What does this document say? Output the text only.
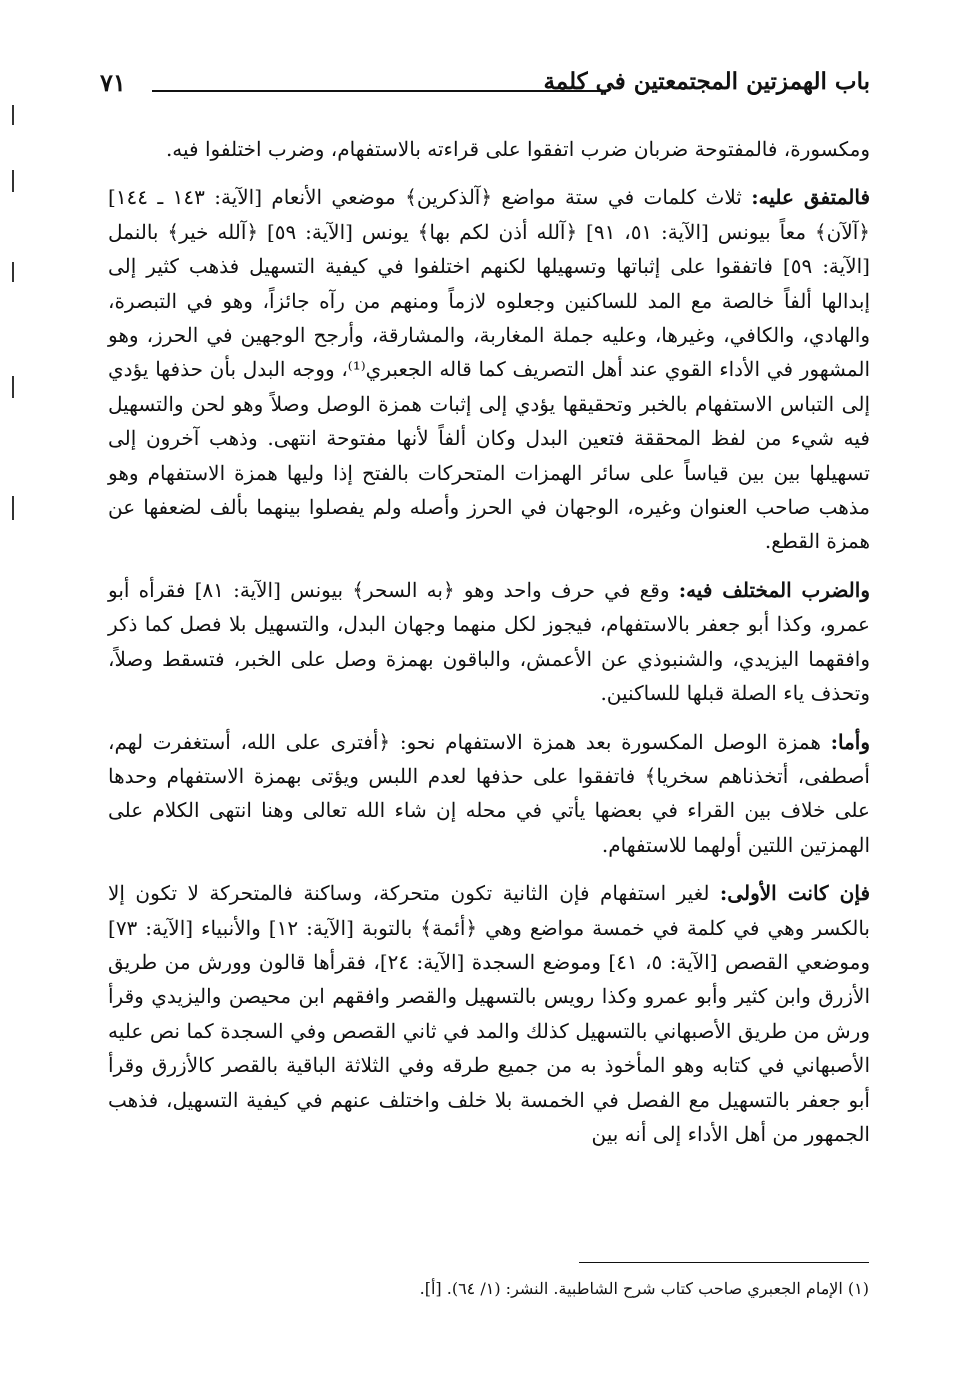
٧١	باب الهمزتين المجتمعتين في كلمة

ومكسورة، فالمفتوحة ضربان ضرب اتفقوا على قراءته بالاستفهام، وضرب اختلفوا فيه.

فالمتفق عليه: ثلاث كلمات في ستة مواضع ﴿آلذكرين﴾ موضعي الأنعام [الآية: ١٤٣ ـ ١٤٤] ﴿آلآن﴾ معاً بيونس [الآية: ٥١، ٩١] ﴿آلله أذن لكم بها﴾ يونس [الآية: ٥٩] ﴿آلله خير﴾ بالنمل [الآية: ٥٩] فاتفقوا على إثباتها وتسهيلها لكنهم اختلفوا في كيفية التسهيل فذهب كثير إلى إبدالها ألفاً خالصة مع المد للساكنين وجعلوه لازماً ومنهم من رآه جائزاً، وهو في التبصرة، والهادي، والكافي، وغيرها، وعليه جملة المغاربة، والمشارقة، وأرجح الوجهين في الحرز، وهو المشهور في الأداء القوي عند أهل التصريف كما قاله الجعبري⁽¹⁾، ووجه البدل بأن حذفها يؤدي إلى التباس الاستفهام بالخبر وتحقيقها يؤدي إلى إثبات همزة الوصل وصلاً وهو لحن والتسهيل فيه شيء من لفظ المحققة فتعين البدل وكان ألفاً لأنها مفتوحة انتهى. وذهب آخرون إلى تسهيلها بين بين قياساً على سائر الهمزات المتحركات بالفتح إذا وليها همزة الاستفهام وهو مذهب صاحب العنوان وغيره، الوجهان في الحرز وأصله ولم يفصلوا بينهما بألف لضعفها عن همزة القطع.

والضرب المختلف فيه: وقع في حرف واحد وهو ﴿به السحر﴾ بيونس [الآية: ٨١] فقرأه أبو عمرو، وكذا أبو جعفر بالاستفهام، فيجوز لكل منهما وجهان البدل، والتسهيل بلا فصل كما ذكر وافقهما اليزيدي، والشنبوذي عن الأعمش، والباقون بهمزة وصل على الخبر، فتسقط وصلاً، وتحذف ياء الصلة قبلها للساكنين.

وأما: همزة الوصل المكسورة بعد همزة الاستفهام نحو: ﴿أفترى على الله، أستغفرت لهم، أصطفى، أتخذناهم سخريا﴾ فاتفقوا على حذفها لعدم اللبس ويؤتى بهمزة الاستفهام وحدها على خلاف بين القراء في بعضها يأتي في محله إن شاء الله تعالى وهنا انتهى الكلام على الهمزتين اللتين أولهما للاستفهام.

فإن كانت الأولى: لغير استفهام فإن الثانية تكون متحركة، وساكنة فالمتحركة لا تكون إلا بالكسر وهي في كلمة في خمسة مواضع وهي ﴿أئمة﴾ بالتوبة [الآية: ١٢] والأنبياء [الآية: ٧٣] وموضعي القصص [الآية: ٥، ٤١] وموضع السجدة [الآية: ٢٤]، فقرأها قالون وورش من طريق الأزرق وابن كثير وأبو عمرو وكذا رويس بالتسهيل والقصر وافقهم ابن محيصن واليزيدي وقرأ ورش من طريق الأصبهاني بالتسهيل كذلك والمد في ثاني القصص وفي السجدة كما نص عليه الأصبهاني في كتابه وهو المأخوذ به من جميع طرقه وفي الثلاثة الباقية بالقصر كالأزرق وقرأ أبو جعفر بالتسهيل مع الفصل في الخمسة بلا خلف واختلف عنهم في كيفية التسهيل، فذهب الجمهور من أهل الأداء إلى أنه بين

(١) الإمام الجعبري صاحب كتاب شرح الشاطبية. النشر: (١/ ٦٤). [أ].
